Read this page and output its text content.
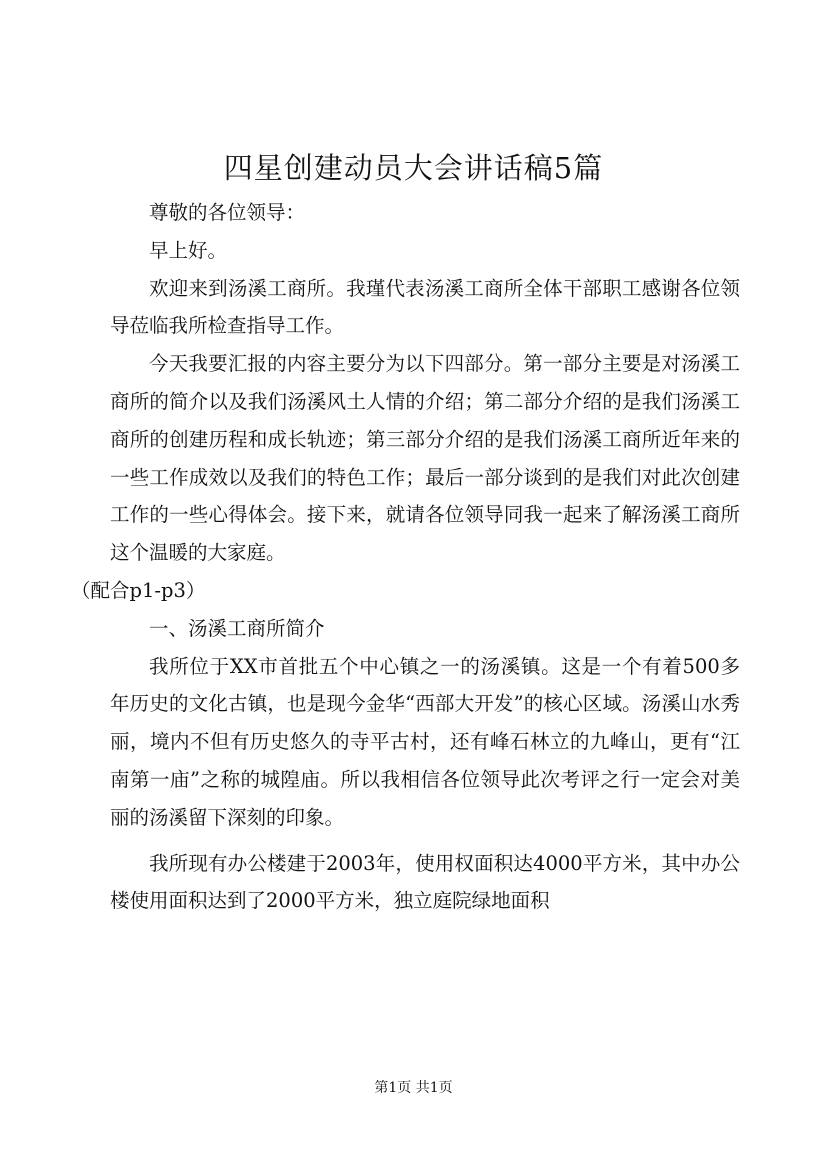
四星创建动员大会讲话稿5篇

尊敬的各位领导：

早上好。

欢迎来到汤溪工商所。我瑾代表汤溪工商所全体干部职工感谢各位领导莅临我所检查指导工作。

今天我要汇报的内容主要分为以下四部分。第一部分主要是对汤溪工商所的简介以及我们汤溪风土人情的介绍；第二部分介绍的是我们汤溪工商所的创建历程和成长轨迹；第三部分介绍的是我们汤溪工商所近年来的一些工作成效以及我们的特色工作；最后一部分谈到的是我们对此次创建工作的一些心得体会。接下来，就请各位领导同我一起来了解汤溪工商所这个温暖的大家庭。
（配合p1-p3）

一、汤溪工商所简介

我所位于XX市首批五个中心镇之一的汤溪镇。这是一个有着500多年历史的文化古镇，也是现今金华“西部大开发”的核心区域。汤溪山水秀丽，境内不但有历史悠久的寺平古村，还有峰石林立的九峰山，更有“江南第一庙”之称的城隍庙。所以我相信各位领导此次考评之行一定会对美丽的汤溪留下深刻的印象。

我所现有办公楼建于2003年，使用权面积达4000平方米，其中办公楼使用面积达到了2000平方米，独立庭院绿地面积

第1页 共1页
